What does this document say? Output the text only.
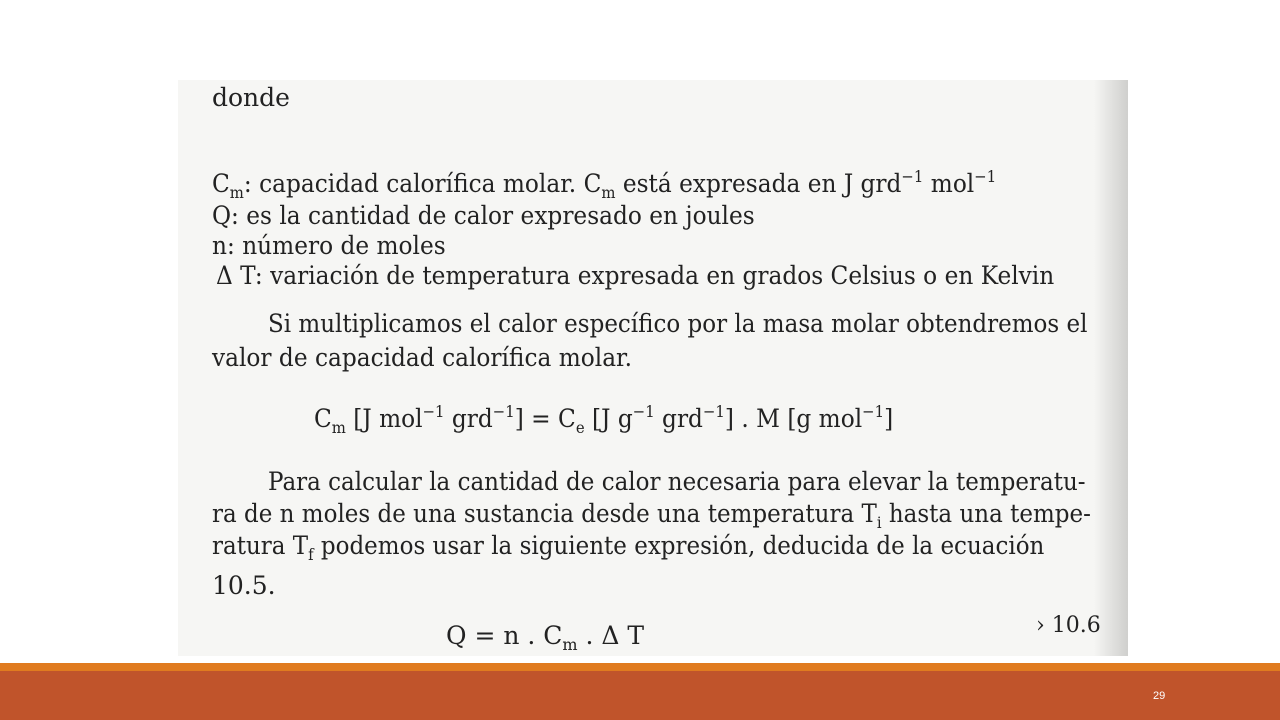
donde
$C_m$: capacidad calorífica molar. $C_m$ está expresada en J grd$^{-1}$ mol$^{-1}$
Q: es la cantidad de calor expresado en joules
n: número de moles
Δ T: variación de temperatura expresada en grados Celsius o en Kelvin
Si multiplicamos el calor específico por la masa molar obtendremos el
valor de capacidad calorífica molar.
$C_m$ [J mol$^{-1}$ $grd^{-1}] = C_e$ [J $g^{-1}$ grd$^{-1}$] . M [g mol$^{-1}$]
Para calcular la cantidad de calor necesaria para elevar la temperatu-
ra de n moles de una sustancia desde una temperatura $T_i$ hasta una tempe-
ratura $T_f$ podemos usar la siguiente expresión, deducida de la ecuación
10.5.
Q = n . $C_m$ . Δ T	› 10.6
29
